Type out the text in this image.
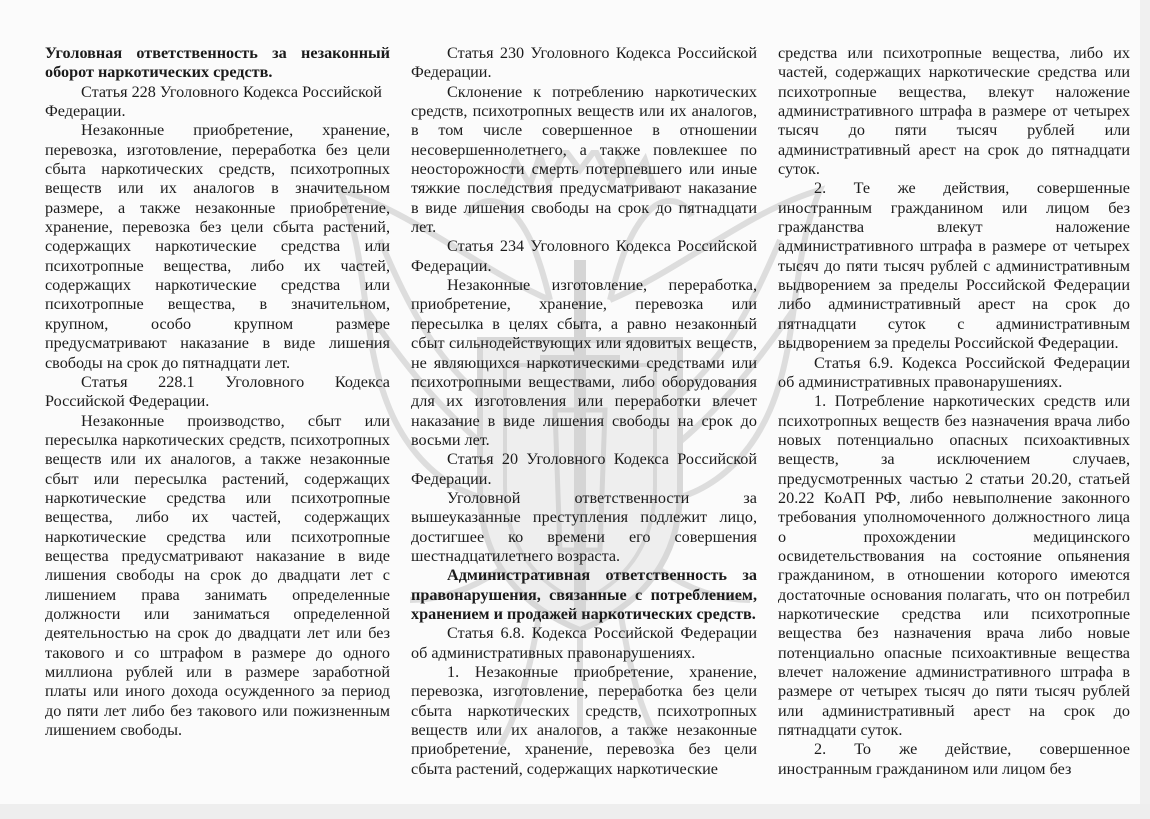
Уголовная ответственность за незаконный оборот наркотических средств.

Статья 228 Уголовного Кодекса Российской Федерации.

Незаконные приобретение, хранение, перевозка, изготовление, переработка без цели сбыта наркотических средств, психотропных веществ или их аналогов в значительном размере, а также незаконные приобретение, хранение, перевозка без цели сбыта растений, содержащих наркотические средства или психотропные вещества, либо их частей, содержащих наркотические средства или психотропные вещества, в значительном, крупном, особо крупном размере предусматривают наказание в виде лишения свободы на срок до пятнадцати лет.

Статья 228.1 Уголовного Кодекса Российской Федерации.

Незаконные производство, сбыт или пересылка наркотических средств, психотропных веществ или их аналогов, а также незаконные сбыт или пересылка растений, содержащих наркотические средства или психотропные вещества, либо их частей, содержащих наркотические средства или психотропные вещества предусматривают наказание в виде лишения свободы на срок до двадцати лет с лишением права занимать определенные должности или заниматься определенной деятельностью на срок до двадцати лет или без такового и со штрафом в размере до одного миллиона рублей или в размере заработной платы или иного дохода осужденного за период до пяти лет либо без такового или пожизненным лишением свободы.

Статья 230 Уголовного Кодекса Российской Федерации.

Склонение к потреблению наркотических средств, психотропных веществ или их аналогов, в том числе совершенное в отношении несовершеннолетнего, а также повлекшее по неосторожности смерть потерпевшего или иные тяжкие последствия предусматривают наказание в виде лишения свободы на срок до пятнадцати лет.

Статья 234 Уголовного Кодекса Российской Федерации.

Незаконные изготовление, переработка, приобретение, хранение, перевозка или пересылка в целях сбыта, а равно незаконный сбыт сильнодействующих или ядовитых веществ, не являющихся наркотическими средствами или психотропными веществами, либо оборудования для их изготовления или переработки влечет наказание в виде лишения свободы на срок до восьми лет.

Статья 20 Уголовного Кодекса Российской Федерации.

Уголовной ответственности за вышеуказанные преступления подлежит лицо, достигшее ко времени его совершения шестнадцатилетнего возраста.

Административная ответственность за правонарушения, связанные с потреблением, хранением и продажей наркотических средств.

Статья 6.8. Кодекса Российской Федерации об административных правонарушениях.

1. Незаконные приобретение, хранение, перевозка, изготовление, переработка без цели сбыта наркотических средств, психотропных веществ или их аналогов, а также незаконные приобретение, хранение, перевозка без цели сбыта растений, содержащих наркотические

средства или психотропные вещества, либо их частей, содержащих наркотические средства или психотропные вещества, влекут наложение административного штрафа в размере от четырех тысяч до пяти тысяч рублей или административный арест на срок до пятнадцати суток.

2. Те же действия, совершенные иностранным гражданином или лицом без гражданства влекут наложение административного штрафа в размере от четырех тысяч до пяти тысяч рублей с административным выдворением за пределы Российской Федерации либо административный арест на срок до пятнадцати суток с административным выдворением за пределы Российской Федерации.

Статья 6.9. Кодекса Российской Федерации об административных правонарушениях.

1. Потребление наркотических средств или психотропных веществ без назначения врача либо новых потенциально опасных психоактивных веществ, за исключением случаев, предусмотренных частью 2 статьи 20.20, статьей 20.22 КоАП РФ, либо невыполнение законного требования уполномоченного должностного лица о прохождении медицинского освидетельствования на состояние опьянения гражданином, в отношении которого имеются достаточные основания полагать, что он потребил наркотические средства или психотропные вещества без назначения врача либо новые потенциально опасные психоактивные вещества влечет наложение административного штрафа в размере от четырех тысяч до пяти тысяч рублей или административный арест на срок до пятнадцати суток.

2. То же действие, совершенное иностранным гражданином или лицом без
